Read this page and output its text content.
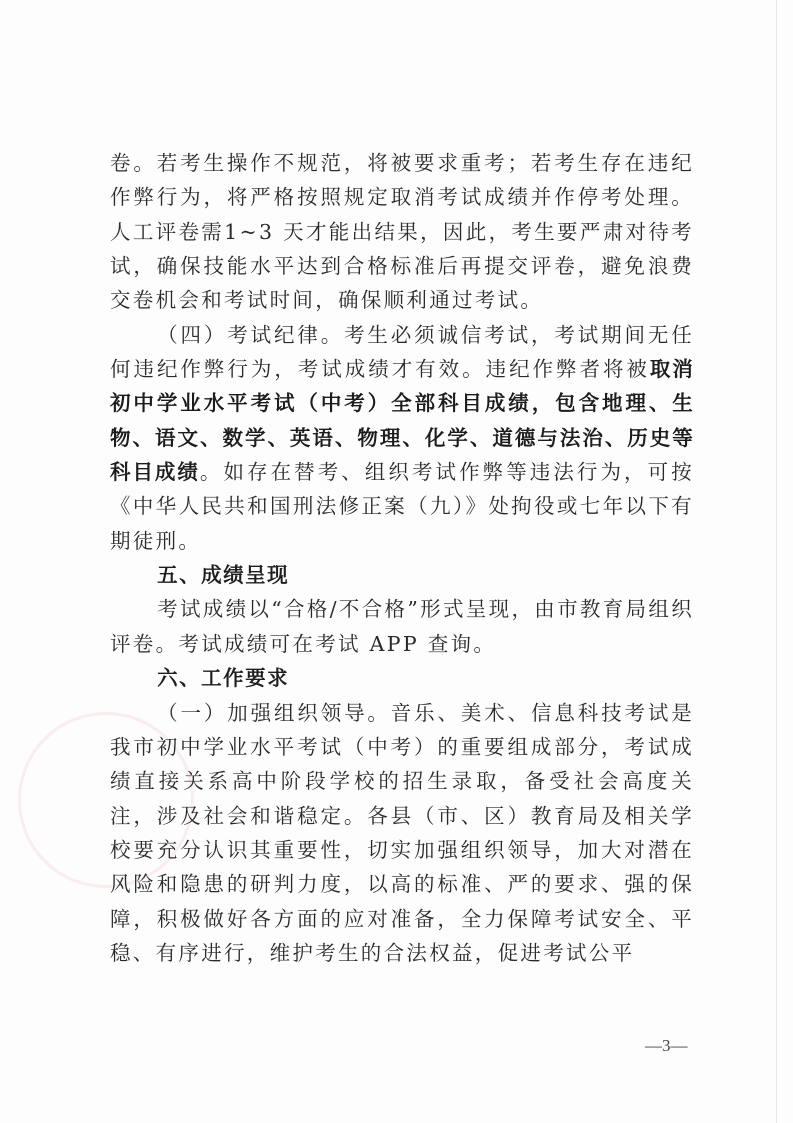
卷。若考生操作不规范，将被要求重考；若考生存在违纪作弊行为，将严格按照规定取消考试成绩并作停考处理。人工评卷需1~3 天才能出结果，因此，考生要严肃对待考试，确保技能水平达到合格标准后再提交评卷，避免浪费交卷机会和考试时间，确保顺利通过考试。

（四）考试纪律。考生必须诚信考试，考试期间无任何违纪作弊行为，考试成绩才有效。违纪作弊者将被取消初中学业水平考试（中考）全部科目成绩，包含地理、生物、语文、数学、英语、物理、化学、道德与法治、历史等科目成绩。如存在替考、组织考试作弊等违法行为，可按《中华人民共和国刑法修正案（九）》处拘役或七年以下有期徒刑。

五、成绩呈现

考试成绩以“合格/不合格”形式呈现，由市教育局组织评卷。考试成绩可在考试 APP 查询。

六、工作要求

（一）加强组织领导。音乐、美术、信息科技考试是我市初中学业水平考试（中考）的重要组成部分，考试成绩直接关系高中阶段学校的招生录取，备受社会高度关注，涉及社会和谐稳定。各县（市、区）教育局及相关学校要充分认识其重要性，切实加强组织领导，加大对潜在风险和隐患的研判力度，以高的标准、严的要求、强的保障，积极做好各方面的应对准备，全力保障考试安全、平稳、有序进行，维护考生的合法权益，促进考试公平

—3—
